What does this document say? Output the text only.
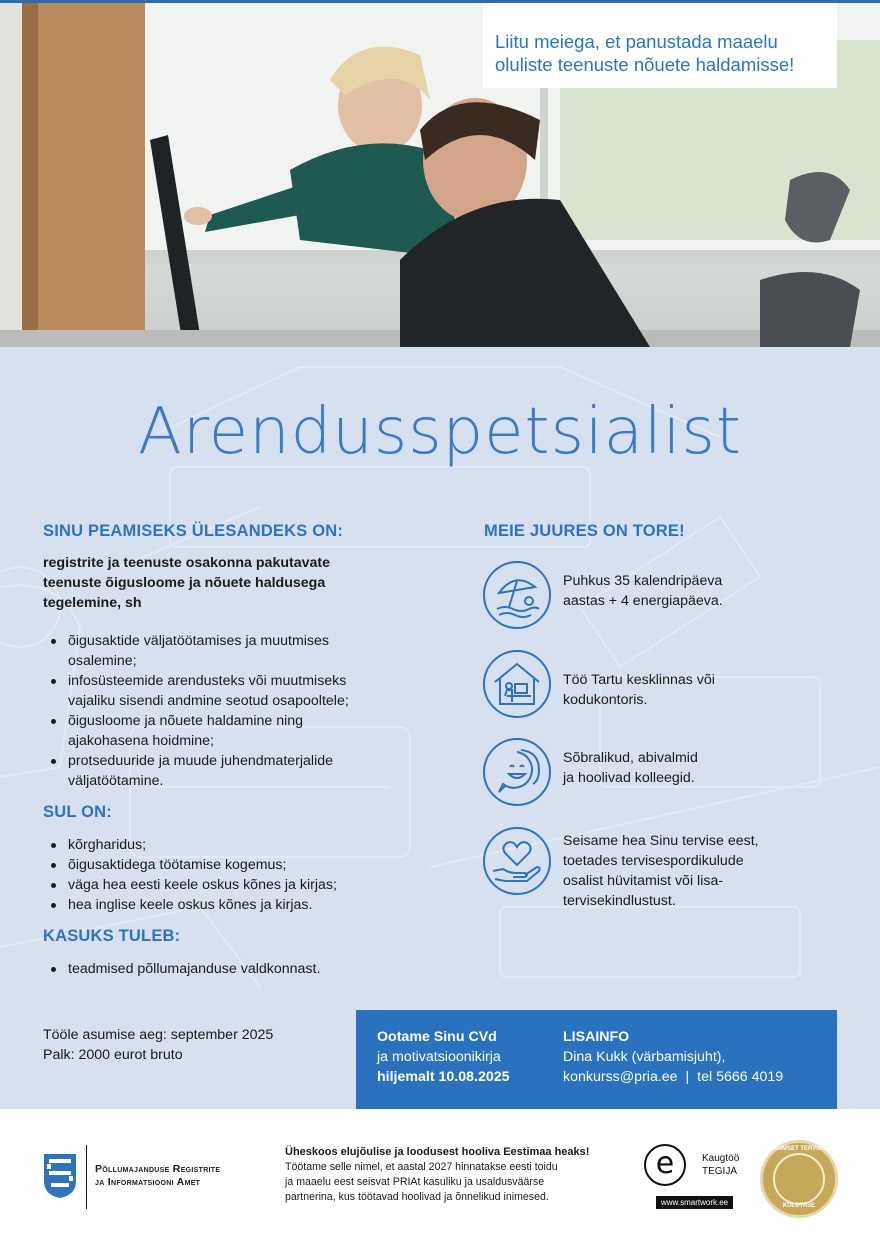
Liitu meiega, et panustada maaelu

oluliste teenuste nõuete haldamisse!

Arendusspetsialist
SINU PEAMISEKS ÜLESANDEKS ON:
registrite ja teenuste osakonna pakutavate
teenuste õigusloome ja nõuete haldusega
tegelemine, sh
õigusaktide väljatöötamises ja muutmises
osalemine;
infosüsteemide arendusteks või muutmiseks
vajaliku sisendi andmine seotud osapooltele;
õigusloome ja nõuete haldamine ning
ajakohasena hoidmine;
protseduuride ja muude juhendmaterjalide
väljatöötamine.
SUL ON:
kõrgharidus;
õigusaktidega töötamise kogemus;
väga hea eesti keele oskus kõnes ja kirjas;
hea inglise keele oskus kõnes ja kirjas.
KASUKS TULEB:
teadmised põllumajanduse valdkonnast.
MEIE JUURES ON TORE!
Puhkus 35 kalendripäeva
aastas + 4 energiapäeva.
Töö Tartu kesklinnas või
kodukontoris.
Sõbralikud, abivalmid
ja hoolivad kolleegid.
Seisame hea Sinu tervise eest,
toetades tervisespordikulude
osalist hüvitamist või lisa-
tervisekindlustust.
Tööle asumise aeg: september 2025
Palk: 2000 eurot bruto
Ootame Sinu CVd
ja motivatsioonikirja
hiljemalt 10.08.2025
LISAINFO
Dina Kukk (värbamisjuht),
konkurss@pria.ee | tel 5666 4019
Põllumajanduse Registrite
ja Informatsiooni Amet
Üheskoos elujõulise ja loodusest hooliva Eestimaa heaks!
Töötame selle nimel, et aastal 2027 hinnatakse eesti toidu
ja maaelu eest seisvat PRIAt kasuliku ja usaldusväärse
partnerina, kus töötavad hoolivad ja õnnelikud inimesed.
e	Kaugtöö
TEGIJA
www.smartwork.ee
VAIMSET TERVIST
KULDTASE
